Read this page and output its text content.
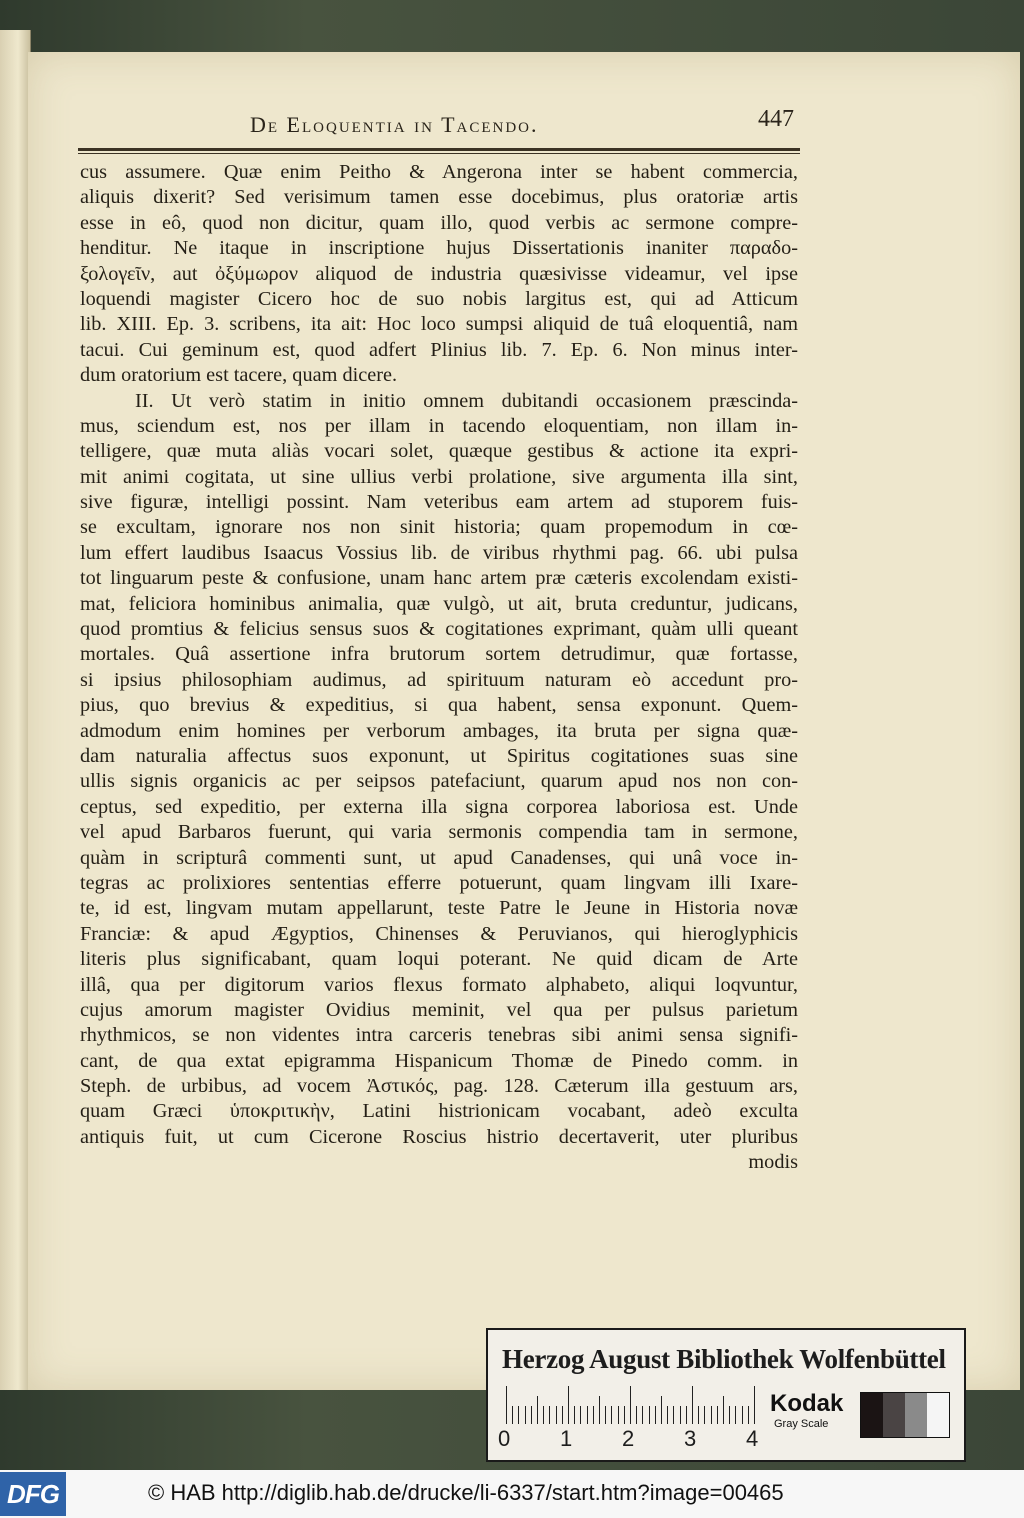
De Eloquentia in Tacendo.	447
cus assumere. Quæ enim Peitho & Angerona inter se habent commercia,
aliquis dixerit? Sed verisimum tamen esse docebimus, plus oratoriæ artis
esse in eô, quod non dicitur, quam illo, quod verbis ac sermone compre-
henditur. Ne itaque in inscriptione hujus Dissertationis inaniter παραδο-
ξολογεῖν, aut ὀξύμωρον aliquod de industria quæsivisse videamur, vel ipse
loquendi magister Cicero hoc de suo nobis largitus est, qui ad Atticum
lib. XIII. Ep. 3. scribens, ita ait: Hoc loco sumpsi aliquid de tuâ eloquentiâ, nam
tacui. Cui geminum est, quod adfert Plinius lib. 7. Ep. 6. Non minus inter-
dum oratorium est tacere, quam dicere.
II. Ut verò statim in initio omnem dubitandi occasionem præscinda-
mus, sciendum est, nos per illam in tacendo eloquentiam, non illam in-
telligere, quæ muta aliàs vocari solet, quæque gestibus & actione ita expri-
mit animi cogitata, ut sine ullius verbi prolatione, sive argumenta illa sint,
sive figuræ, intelligi possint. Nam veteribus eam artem ad stuporem fuis-
se excultam, ignorare nos non sinit historia; quam propemodum in cœ-
lum effert laudibus Isaacus Vossius lib. de viribus rhythmi pag. 66. ubi pulsa
tot linguarum peste & confusione, unam hanc artem præ cæteris excolendam existi-
mat, feliciora hominibus animalia, quæ vulgò, ut ait, bruta creduntur, judicans,
quod promtius & felicius sensus suos & cogitationes exprimant, quàm ulli queant
mortales. Quâ assertione infra brutorum sortem detrudimur, quæ fortasse,
si ipsius philosophiam audimus, ad spirituum naturam eò accedunt pro-
pius, quo brevius & expeditius, si qua habent, sensa exponunt. Quem-
admodum enim homines per verborum ambages, ita bruta per signa quæ-
dam naturalia affectus suos exponunt, ut Spiritus cogitationes suas sine
ullis signis organicis ac per seipsos patefaciunt, quarum apud nos non con-
ceptus, sed expeditio, per externa illa signa corporea laboriosa est. Unde
vel apud Barbaros fuerunt, qui varia sermonis compendia tam in sermone,
quàm in scripturâ commenti sunt, ut apud Canadenses, qui unâ voce in-
tegras ac prolixiores sententias efferre potuerunt, quam lingvam illi Ixare-
te, id est, lingvam mutam appellarunt, teste Patre le Jeune in Historia novæ
Franciæ: & apud Ægyptios, Chinenses & Peruvianos, qui hieroglyphicis
literis plus significabant, quam loqui poterant. Ne quid dicam de Arte
illâ, qua per digitorum varios flexus formato alphabeto, aliqui loqvuntur,
cujus amorum magister Ovidius meminit, vel qua per pulsus parietum
rhythmicos, se non videntes intra carceris tenebras sibi animi sensa signifi-
cant, de qua extat epigramma Hispanicum Thomæ de Pinedo comm. in
Steph. de urbibus, ad vocem Ἀστικός, pag. 128. Cæterum illa gestuum ars,
quam Græci ὑποκριτικὴν, Latini histrionicam vocabant, adeò exculta
antiquis fuit, ut cum Cicerone Roscius histrio decertaverit, uter pluribus
modis
Herzog August Bibliothek Wolfenbüttel
0 1 2 3 4
Kodak
Gray Scale
DFG	© HAB http://diglib.hab.de/drucke/li-6337/start.htm?image=00465
